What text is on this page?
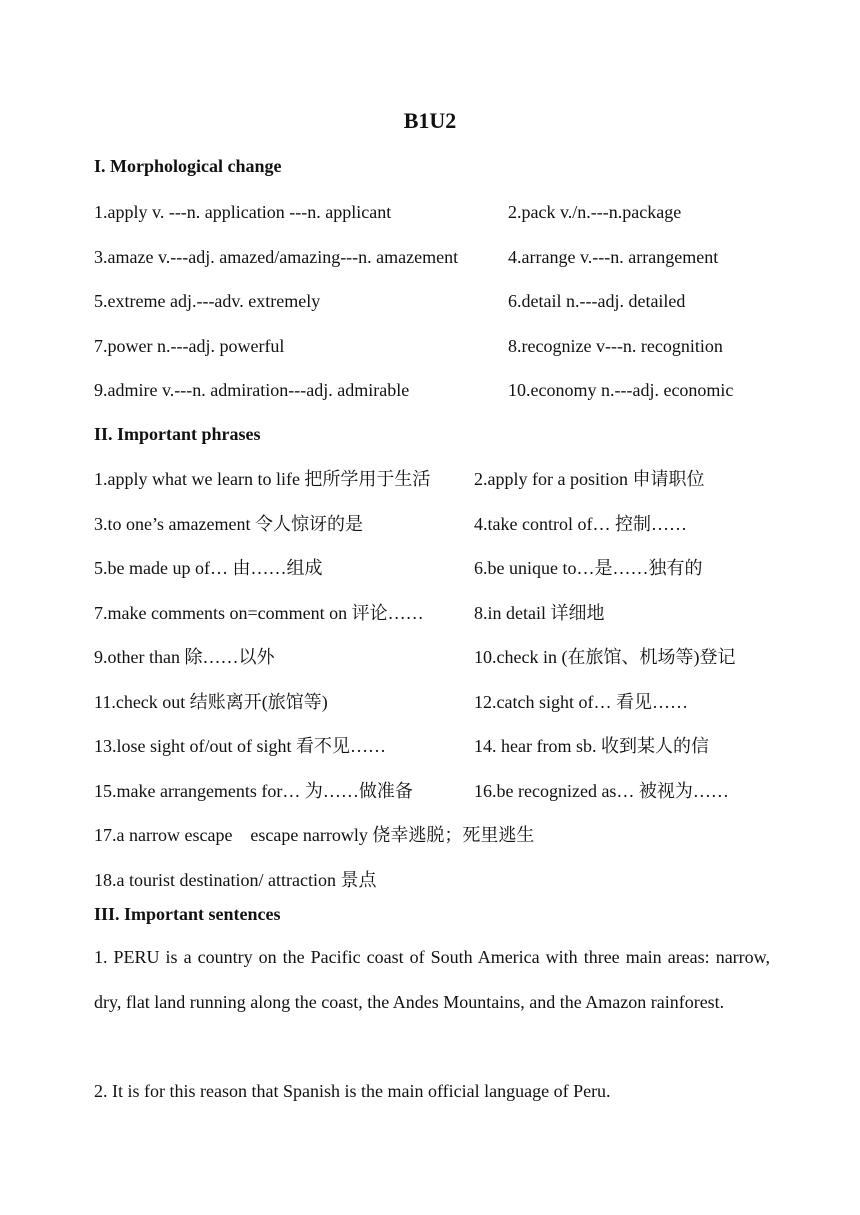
B1U2
I. Morphological change
1.apply v. ---n. application ---n. applicant	2.pack v./n.---n.package
3.amaze v.---adj. amazed/amazing---n. amazement	4.arrange v.---n. arrangement
5.extreme adj.---adv. extremely	6.detail n.---adj. detailed
7.power n.---adj. powerful	8.recognize v---n. recognition
9.admire v.---n. admiration---adj. admirable	10.economy n.---adj. economic
II. Important phrases
1.apply what we learn to life 把所学用于生活 2.apply for a position 申请职位
3.to one’s amazement 令人惊讶的是	4.take control of… 控制……
5.be made up of… 由……组成	6.be unique to…是……独有的
7.make comments on=comment on 评论……	8.in detail 详细地
9.other than 除……以外	10.check in (在旅馆、机场等)登记
11.check out 结账离开(旅馆等)	12.catch sight of… 看见……
13.lose sight of/out of sight 看不见……	14. hear from sb. 收到某人的信
15.make arrangements for… 为……做准备	16.be recognized as… 被视为……
17.a narrow escape    escape narrowly 侥幸逃脱；死里逃生
18.a tourist destination/ attraction 景点
III. Important sentences

1. PERU is a country on the Pacific coast of South America with three main areas: narrow, dry, flat land running along the coast, the Andes Mountains, and the Amazon rainforest.

2. It is for this reason that Spanish is the main official language of Peru.
